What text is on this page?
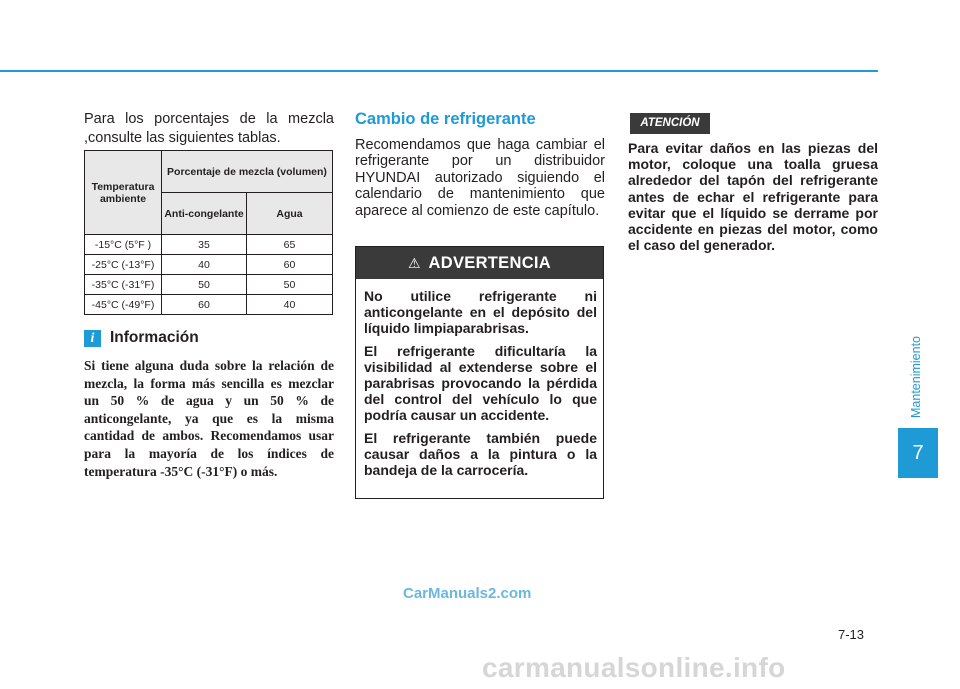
Para los porcentajes de la mezcla ,consulte las siguientes tablas.

Temperatura ambiente	Porcentaje de mezcla (volumen)	
	Anti-congelante	Agua
-15°C (5°F )	35	65
-25°C (-13°F)	40	60
-35°C (-31°F)	50	50
-45°C (-49°F)	60	40
i	Información
Si tiene alguna duda sobre la relación de mezcla, la forma más sencilla es mezclar un 50 % de agua y un 50 % de anticongelante, ya que es la misma cantidad de ambos. Recomendamos usar para la mayoría de los índices de temperatura -35°C (-31°F) o más.
Cambio de refrigerante
Recomendamos que haga cambiar el refrigerante por un distribuidor HYUNDAI autorizado siguiendo el calendario de mantenimiento que aparece al comienzo de este capítulo.
⚠ ADVERTENCIA

No utilice refrigerante ni anticongelante en el depósito del líquido limpiaparabrisas.

El refrigerante dificultaría la visibilidad al extenderse sobre el parabrisas provocando la pérdida del control del vehículo lo que podría causar un accidente.

El refrigerante también puede causar daños a la pintura o la bandeja de la carrocería.

ATENCIÓN
Para evitar daños en las piezas del motor, coloque una toalla gruesa alrededor del tapón del refrigerante antes de echar el refrigerante para evitar que el líquido se derrame por accidente en piezas del motor, como el caso del generador.
Mantenimiento
7
7-13
CarManuals2.com
carmanualsonline.info
